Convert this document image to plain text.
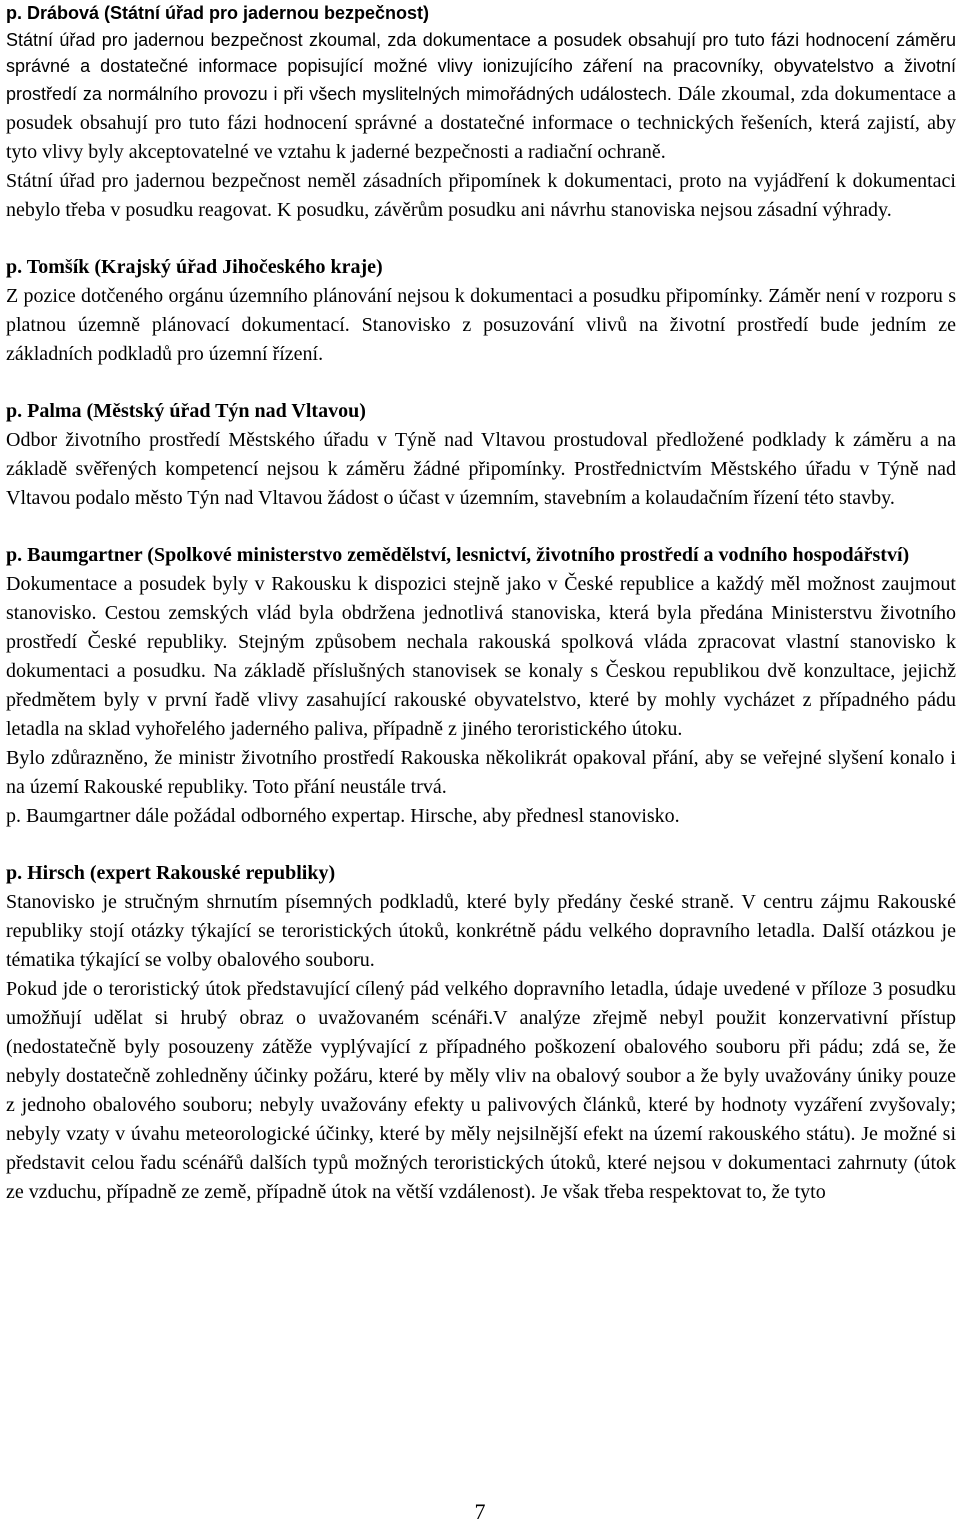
p. Drábová (Státní úřad pro jadernou bezpečnost)

Státní úřad pro jadernou bezpečnost zkoumal, zda dokumentace a posudek obsahují pro tuto fázi hodnocení záměru správné a dostatečné informace popisující možné vlivy ionizujícího záření na pracovníky, obyvatelstvo a životní prostředí za normálního provozu i při všech myslitelných mimořádných událostech. Dále zkoumal, zda dokumentace a posudek obsahují pro tuto fázi hodnocení správné a dostatečné informace o technických řešeních, která zajistí, aby tyto vlivy byly akceptovatelné ve vztahu k jaderné bezpečnosti a radiační ochraně.

Státní úřad pro jadernou bezpečnost neměl zásadních připomínek k dokumentaci, proto na vyjádření k dokumentaci nebylo třeba v posudku reagovat. K posudku, závěrům posudku ani návrhu stanoviska nejsou zásadní výhrady.

p. Tomšík (Krajský úřad Jihočeského kraje)

Z pozice dotčeného orgánu územního plánování nejsou k dokumentaci a posudku připomínky. Záměr není v rozporu s platnou územně plánovací dokumentací. Stanovisko z posuzování vlivů na životní prostředí bude jedním ze základních podkladů pro územní řízení.

p. Palma (Městský úřad Týn nad Vltavou)

Odbor životního prostředí Městského úřadu v Týně nad Vltavou prostudoval předložené podklady k záměru a na základě svěřených kompetencí nejsou k záměru žádné připomínky. Prostřednictvím Městského úřadu v Týně nad Vltavou podalo město Týn nad Vltavou žádost o účast v územním, stavebním a kolaudačním řízení této stavby.

p. Baumgartner (Spolkové ministerstvo zemědělství, lesnictví, životního prostředí a vodního hospodářství)

Dokumentace a posudek byly v Rakousku k dispozici stejně jako v České republice a každý měl možnost zaujmout stanovisko. Cestou zemských vlád byla obdržena jednotlivá stanoviska, která byla předána Ministerstvu životního prostředí České republiky. Stejným způsobem nechala rakouská spolková vláda zpracovat vlastní stanovisko k dokumentaci a posudku. Na základě příslušných stanovisek se konaly s Českou republikou dvě konzultace, jejichž předmětem byly v první řadě vlivy zasahující rakouské obyvatelstvo, které by mohly vycházet z případného pádu letadla na sklad vyhořelého jaderného paliva, případně z jiného teroristického útoku.

Bylo zdůrazněno, že ministr životního prostředí Rakouska několikrát opakoval přání, aby se veřejné slyšení konalo i na území Rakouské republiky. Toto přání neustále trvá.

p. Baumgartner dále požádal odborného expertap. Hirsche, aby přednesl stanovisko.

p. Hirsch (expert Rakouské republiky)

Stanovisko je stručným shrnutím písemných podkladů, které byly předány české straně. V centru zájmu Rakouské republiky stojí otázky týkající se teroristických útoků, konkrétně pádu velkého dopravního letadla. Další otázkou je tématika týkající se volby obalového souboru.

Pokud jde o teroristický útok představující cílený pád velkého dopravního letadla, údaje uvedené v příloze 3 posudku umožňují udělat si hrubý obraz o uvažovaném scénáři.V analýze zřejmě nebyl použit konzervativní přístup (nedostatečně byly posouzeny zátěže vyplývající z případného poškození obalového souboru při pádu; zdá se, že nebyly dostatečně zohledněny účinky požáru, které by měly vliv na obalový soubor a že byly uvažovány úniky pouze z jednoho obalového souboru; nebyly uvažovány efekty u palivových článků, které by hodnoty vyzáření zvyšovaly; nebyly vzaty v úvahu meteorologické účinky, které by měly nejsilnější efekt na území rakouského státu). Je možné si představit celou řadu scénářů dalších typů možných teroristických útoků, které nejsou v dokumentaci zahrnuty (útok ze vzduchu, případně ze země, případně útok na větší vzdálenost). Je však třeba respektovat to, že tyto

7
